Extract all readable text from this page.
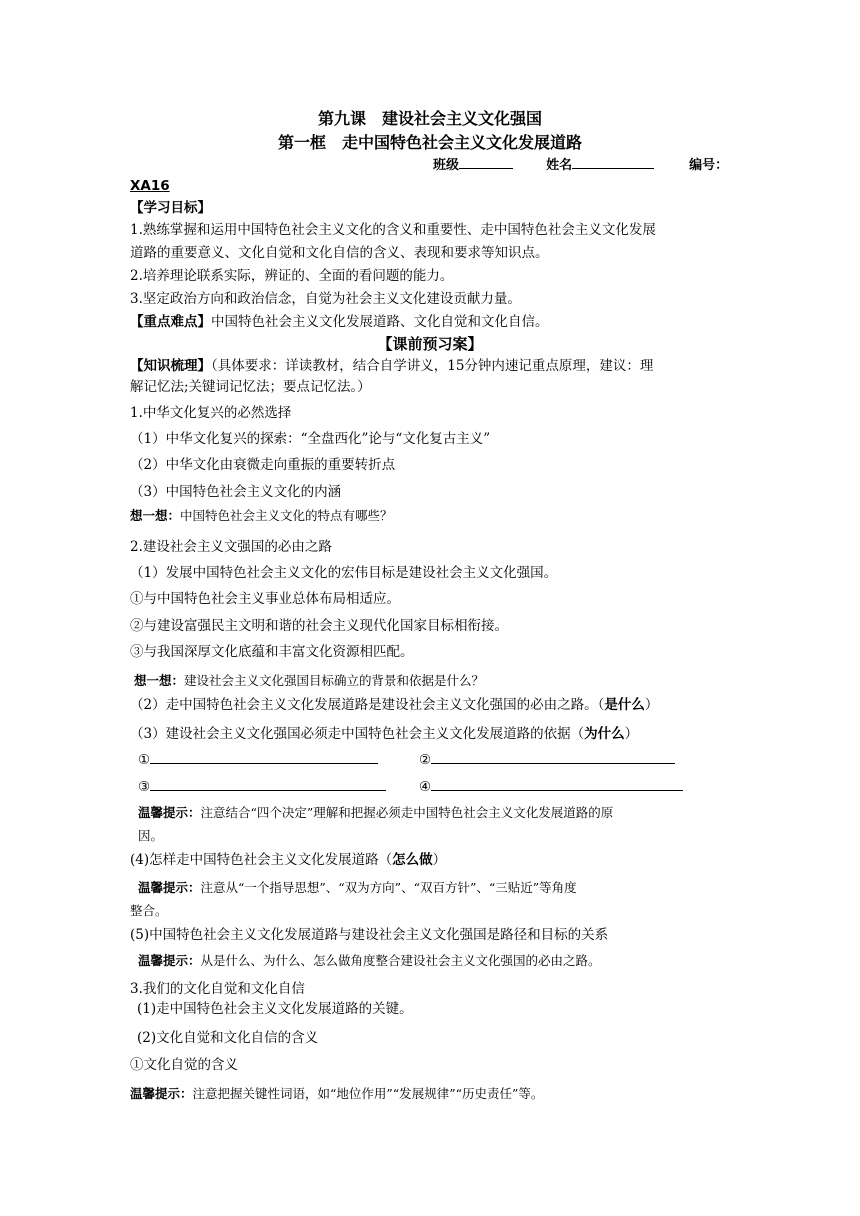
第九课　建设社会主义文化强国
第一框　走中国特色社会主义文化发展道路
班级	姓名	编号：
XA16
【学习目标】
1.熟练掌握和运用中国特色社会主义文化的含义和重要性、走中国特色社会主义文化发展
道路的重要意义、文化自觉和文化自信的含义、表现和要求等知识点。
2.培养理论联系实际，辨证的、全面的看问题的能力。
3.坚定政治方向和政治信念，自觉为社会主义文化建设贡献力量。
【重点难点】中国特色社会主义文化发展道路、文化自觉和文化自信。
【课前预习案】
【知识梳理】（具体要求：详读教材，结合自学讲义，15分钟内速记重点原理，建议：理
解记忆法;关键词记忆法；要点记忆法。）
1.中华文化复兴的必然选择
（1）中华文化复兴的探索：“全盘西化”论与“文化复古主义”
（2）中华文化由衰微走向重振的重要转折点
（3）中国特色社会主义文化的内涵
想一想：中国特色社会主义文化的特点有哪些？
2.建设社会主义文强国的必由之路
（1）发展中国特色社会主义文化的宏伟目标是建设社会主义文化强国。
①与中国特色社会主义事业总体布局相适应。
②与建设富强民主文明和谐的社会主义现代化国家目标相衔接。
③与我国深厚文化底蕴和丰富文化资源相匹配。
想一想：建设社会主义文化强国目标确立的背景和依据是什么？
（2）走中国特色社会主义文化发展道路是建设社会主义文化强国的必由之路。（是什么）
（3）建设社会主义文化强国必须走中国特色社会主义文化发展道路的依据（为什么）
①	②
③	④
温馨提示：注意结合“四个决定”理解和把握必须走中国特色社会主义文化发展道路的原
因。
(4)怎样走中国特色社会主义文化发展道路（怎么做）
温馨提示：注意从“一个指导思想”、“双为方向”、“双百方针”、“三贴近”等角度
整合。
(5)中国特色社会主义文化发展道路与建设社会主义文化强国是路径和目标的关系
温馨提示：从是什么、为什么、怎么做角度整合建设社会主义文化强国的必由之路。
3.我们的文化自觉和文化自信
(1)走中国特色社会主义文化发展道路的关键。
(2)文化自觉和文化自信的含义
①文化自觉的含义
温馨提示：注意把握关键性词语，如“地位作用”“发展规律”“历史责任”等。
